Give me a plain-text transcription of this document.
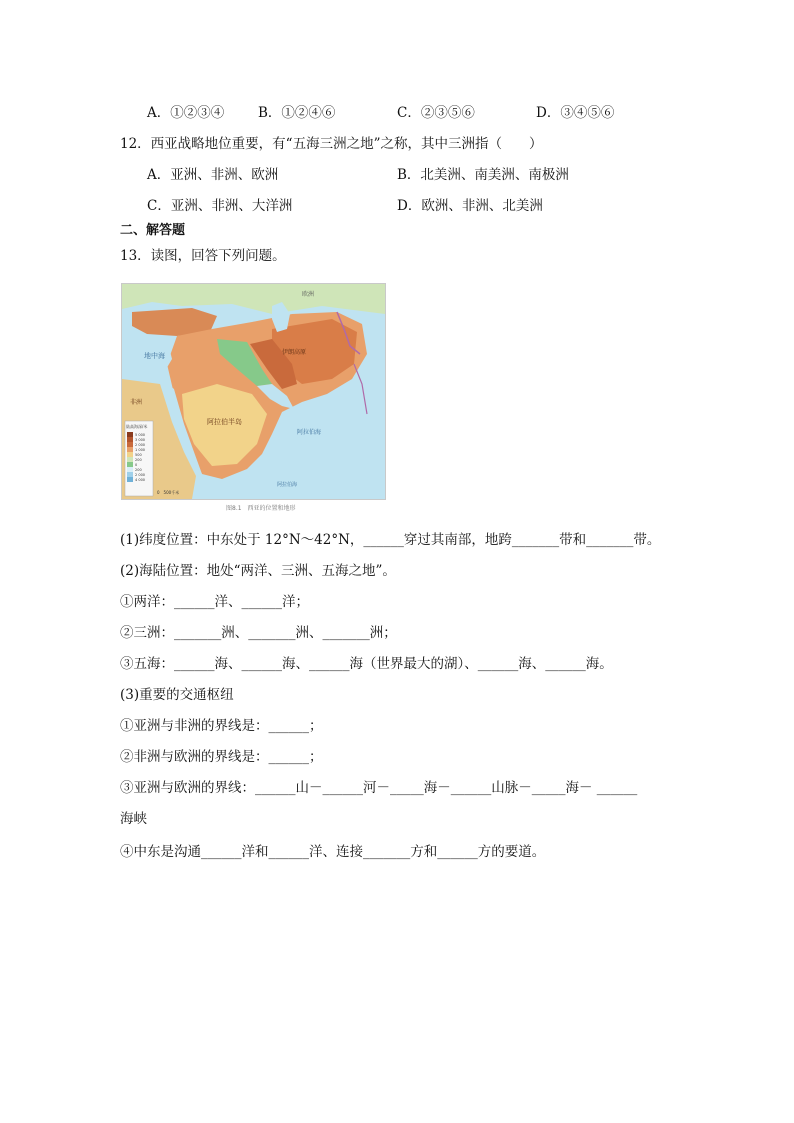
A．①②③④	B．①②④⑥	C．②③⑤⑥	D．③④⑤⑥
12．西亚战略地位重要，有“五海三洲之地”之称，其中三洲指（　　）
A．亚洲、非洲、欧洲	B．北美洲、南美洲、南极洲
C．亚洲、非洲、大洋洲	D．欧洲、非洲、北美洲
二、解答题
13．读图，回答下列问题。
地中海
陆高海深/米
5 000
3 000
2 000
1 000
500
200
0
200
2 000
4 000
0　500千米
欧洲
阿拉伯半岛
伊朗高原
阿拉伯海
阿拉伯海
非洲
图8.1　西亚的位置和地形
(1)纬度位置：中东处于 12°N～42°N，______穿过其南部，地跨_______带和_______带。
(2)海陆位置：地处“两洋、三洲、五海之地”。
①两洋：______洋、______洋；
②三洲：_______洲、_______洲、_______洲；
③五海：______海、______海、______海（世界最大的湖）、______海、______海。
(3)重要的交通枢纽
①亚洲与非洲的界线是：______；
②非洲与欧洲的界线是：______；
③亚洲与欧洲的界线：______山－______河－_____海－______山脉－_____海－ ______
海峡
④中东是沟通______洋和______洋、连接_______方和______方的要道。
